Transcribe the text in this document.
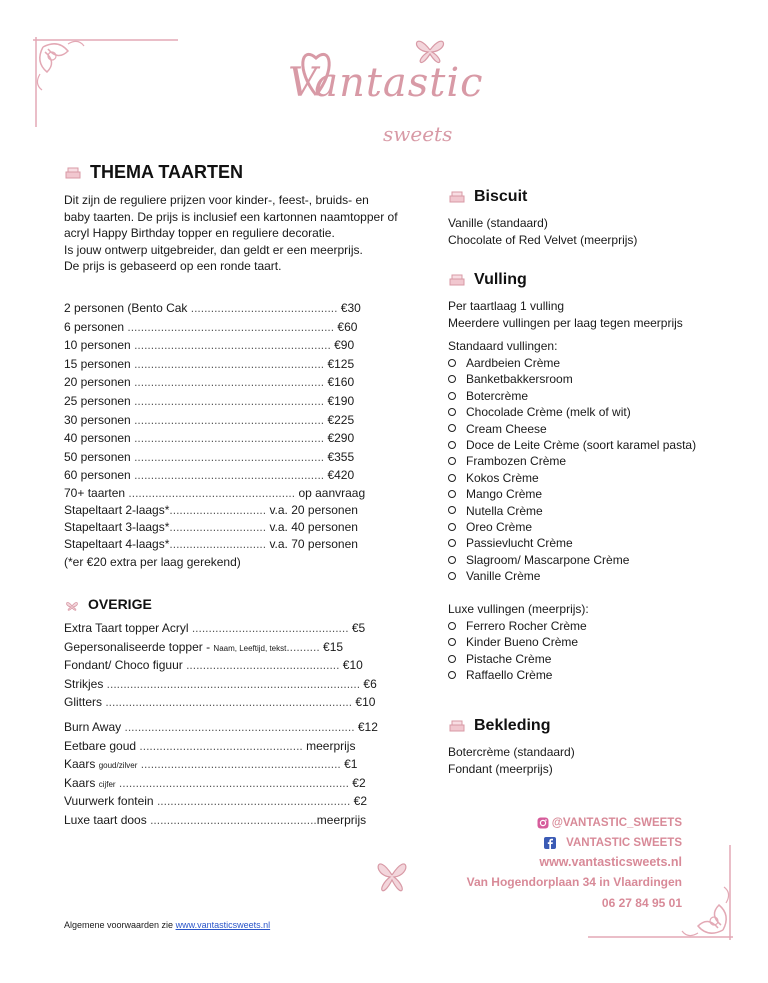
Vantastic
sweets
THEMA TAARTEN
Dit zijn de reguliere prijzen voor kinder-, feest-, bruids- en
baby taarten. De prijs is inclusief een kartonnen naamtopper of
acryl Happy Birthday topper en reguliere decoratie.
Is jouw ontwerp uitgebreider, dan geldt er een meerprijs.
De prijs is gebaseerd op een ronde taart.
2 personen (Bento Cak ............................................ €30
6 personen .............................................................. €60
10 personen ........................................................... €90
15 personen ......................................................... €125
20 personen ......................................................... €160
25 personen ......................................................... €190
30 personen ......................................................... €225
40 personen ......................................................... €290
50 personen ......................................................... €355
60 personen ......................................................... €420
70+ taarten .................................................. op aanvraag
Stapeltaart 2-laags*............................. v.a. 20 personen
Stapeltaart 3-laags*............................. v.a. 40 personen
Stapeltaart 4-laags*............................. v.a. 70 personen
(*er €20 extra per laag gerekend)
OVERIGE
Extra Taart topper Acryl ............................................... €5
Gepersonaliseerde topper - Naam, Leeftijd, tekst.......... €15
Fondant/ Choco figuur .............................................. €10
Strikjes ............................................................................ €6
Glitters .......................................................................... €10
Burn Away ..................................................................... €12
Eetbare goud ................................................. meerprijs
Kaars goud/zilver ............................................................ €1
Kaars cijfer ..................................................................... €2
Vuurwerk fontein .......................................................... €2
Luxe taart doos ..................................................meerprijs
Biscuit
Vanille (standaard)
Chocolate of Red Velvet (meerprijs)
Vulling
Per taartlaag 1 vulling
Meerdere vullingen per laag tegen meerprijs
Standaard vullingen:
Aardbeien Crème
Banketbakkersroom
Botercrème
Chocolade Crème (melk of wit)
Cream Cheese
Doce de Leite Crème (soort karamel pasta)
Frambozen Crème
Kokos Crème
Mango Crème
Nutella Crème
Oreo Crème
Passievlucht Crème
Slagroom/ Mascarpone Crème
Vanille Crème
Luxe vullingen (meerprijs):
Ferrero Rocher Crème
Kinder Bueno Crème
Pistache Crème
Raffaello Crème
Bekleding
Botercrème (standaard)
Fondant (meerprijs)
@VANTASTIC_SWEETS
VANTASTIC SWEETS
www.vantasticsweets.nl
Van Hogendorplaan 34 in Vlaardingen
06 27 84 95 01
Algemene voorwaarden zie www.vantasticsweets.nl
